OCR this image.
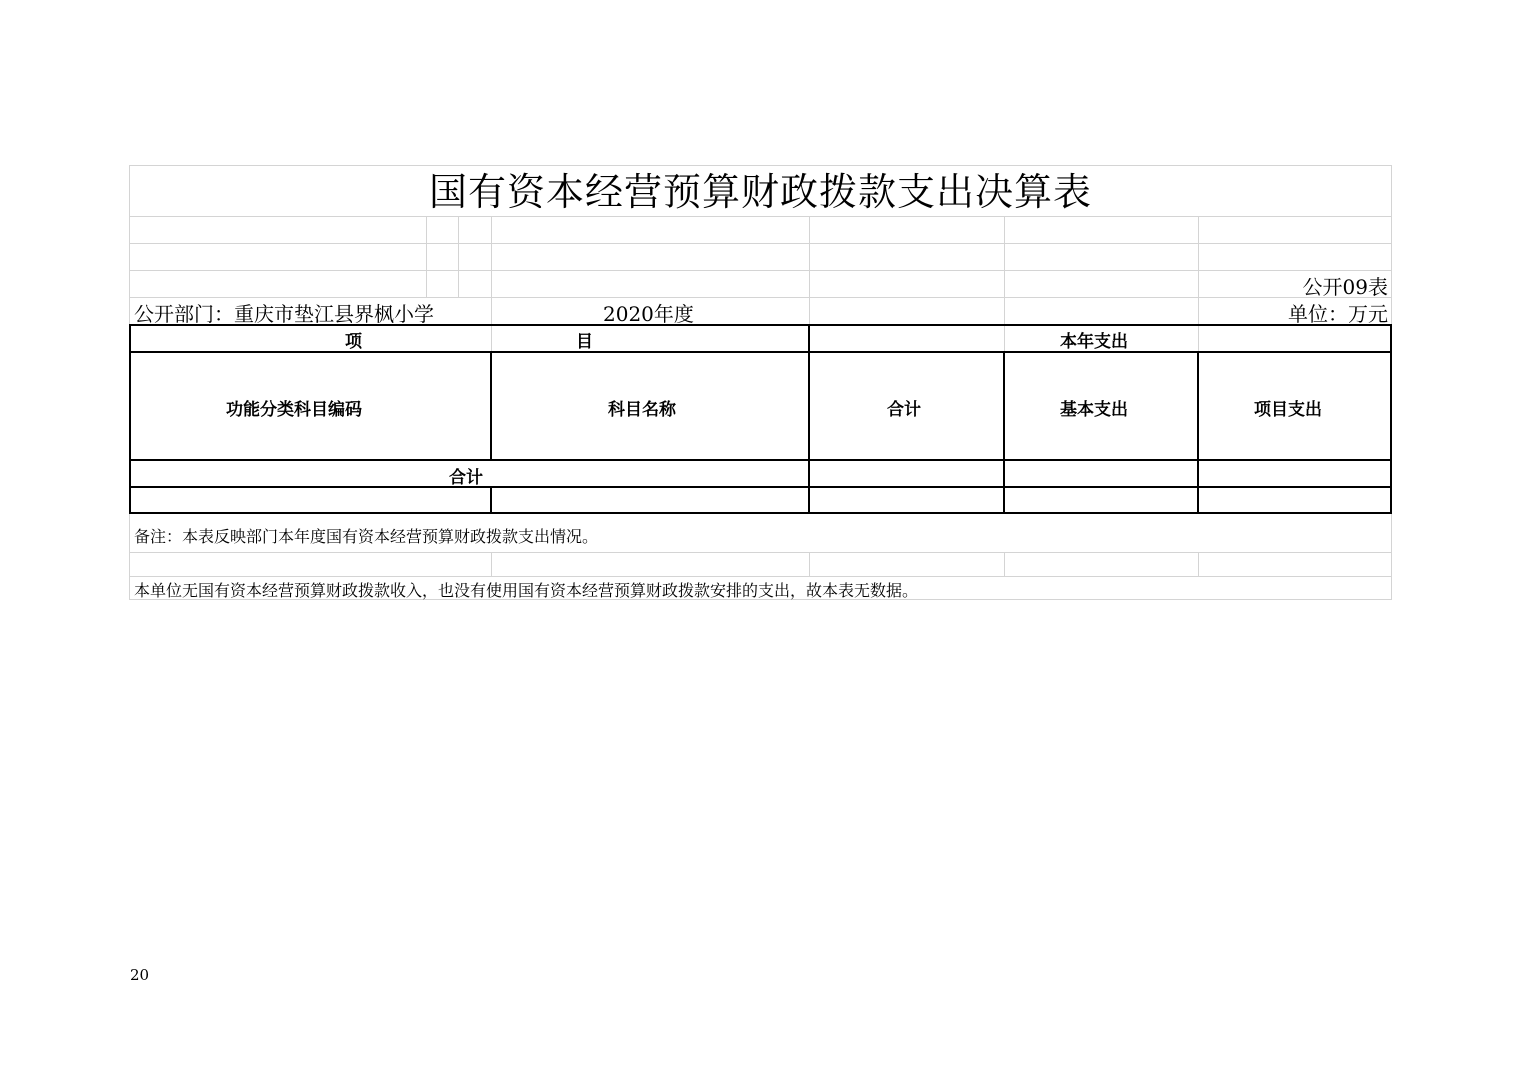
国有资本经营预算财政拨款支出决算表
公开09表
公开部门：重庆市垫江县界枫小学	2020年度	单位：万元
项	目	本年支出
功能分类科目编码	科目名称	合计	基本支出	项目支出
合计
备注：本表反映部门本年度国有资本经营预算财政拨款支出情况。
本单位无国有资本经营预算财政拨款收入，也没有使用国有资本经营预算财政拨款安排的支出，故本表无数据。
20
